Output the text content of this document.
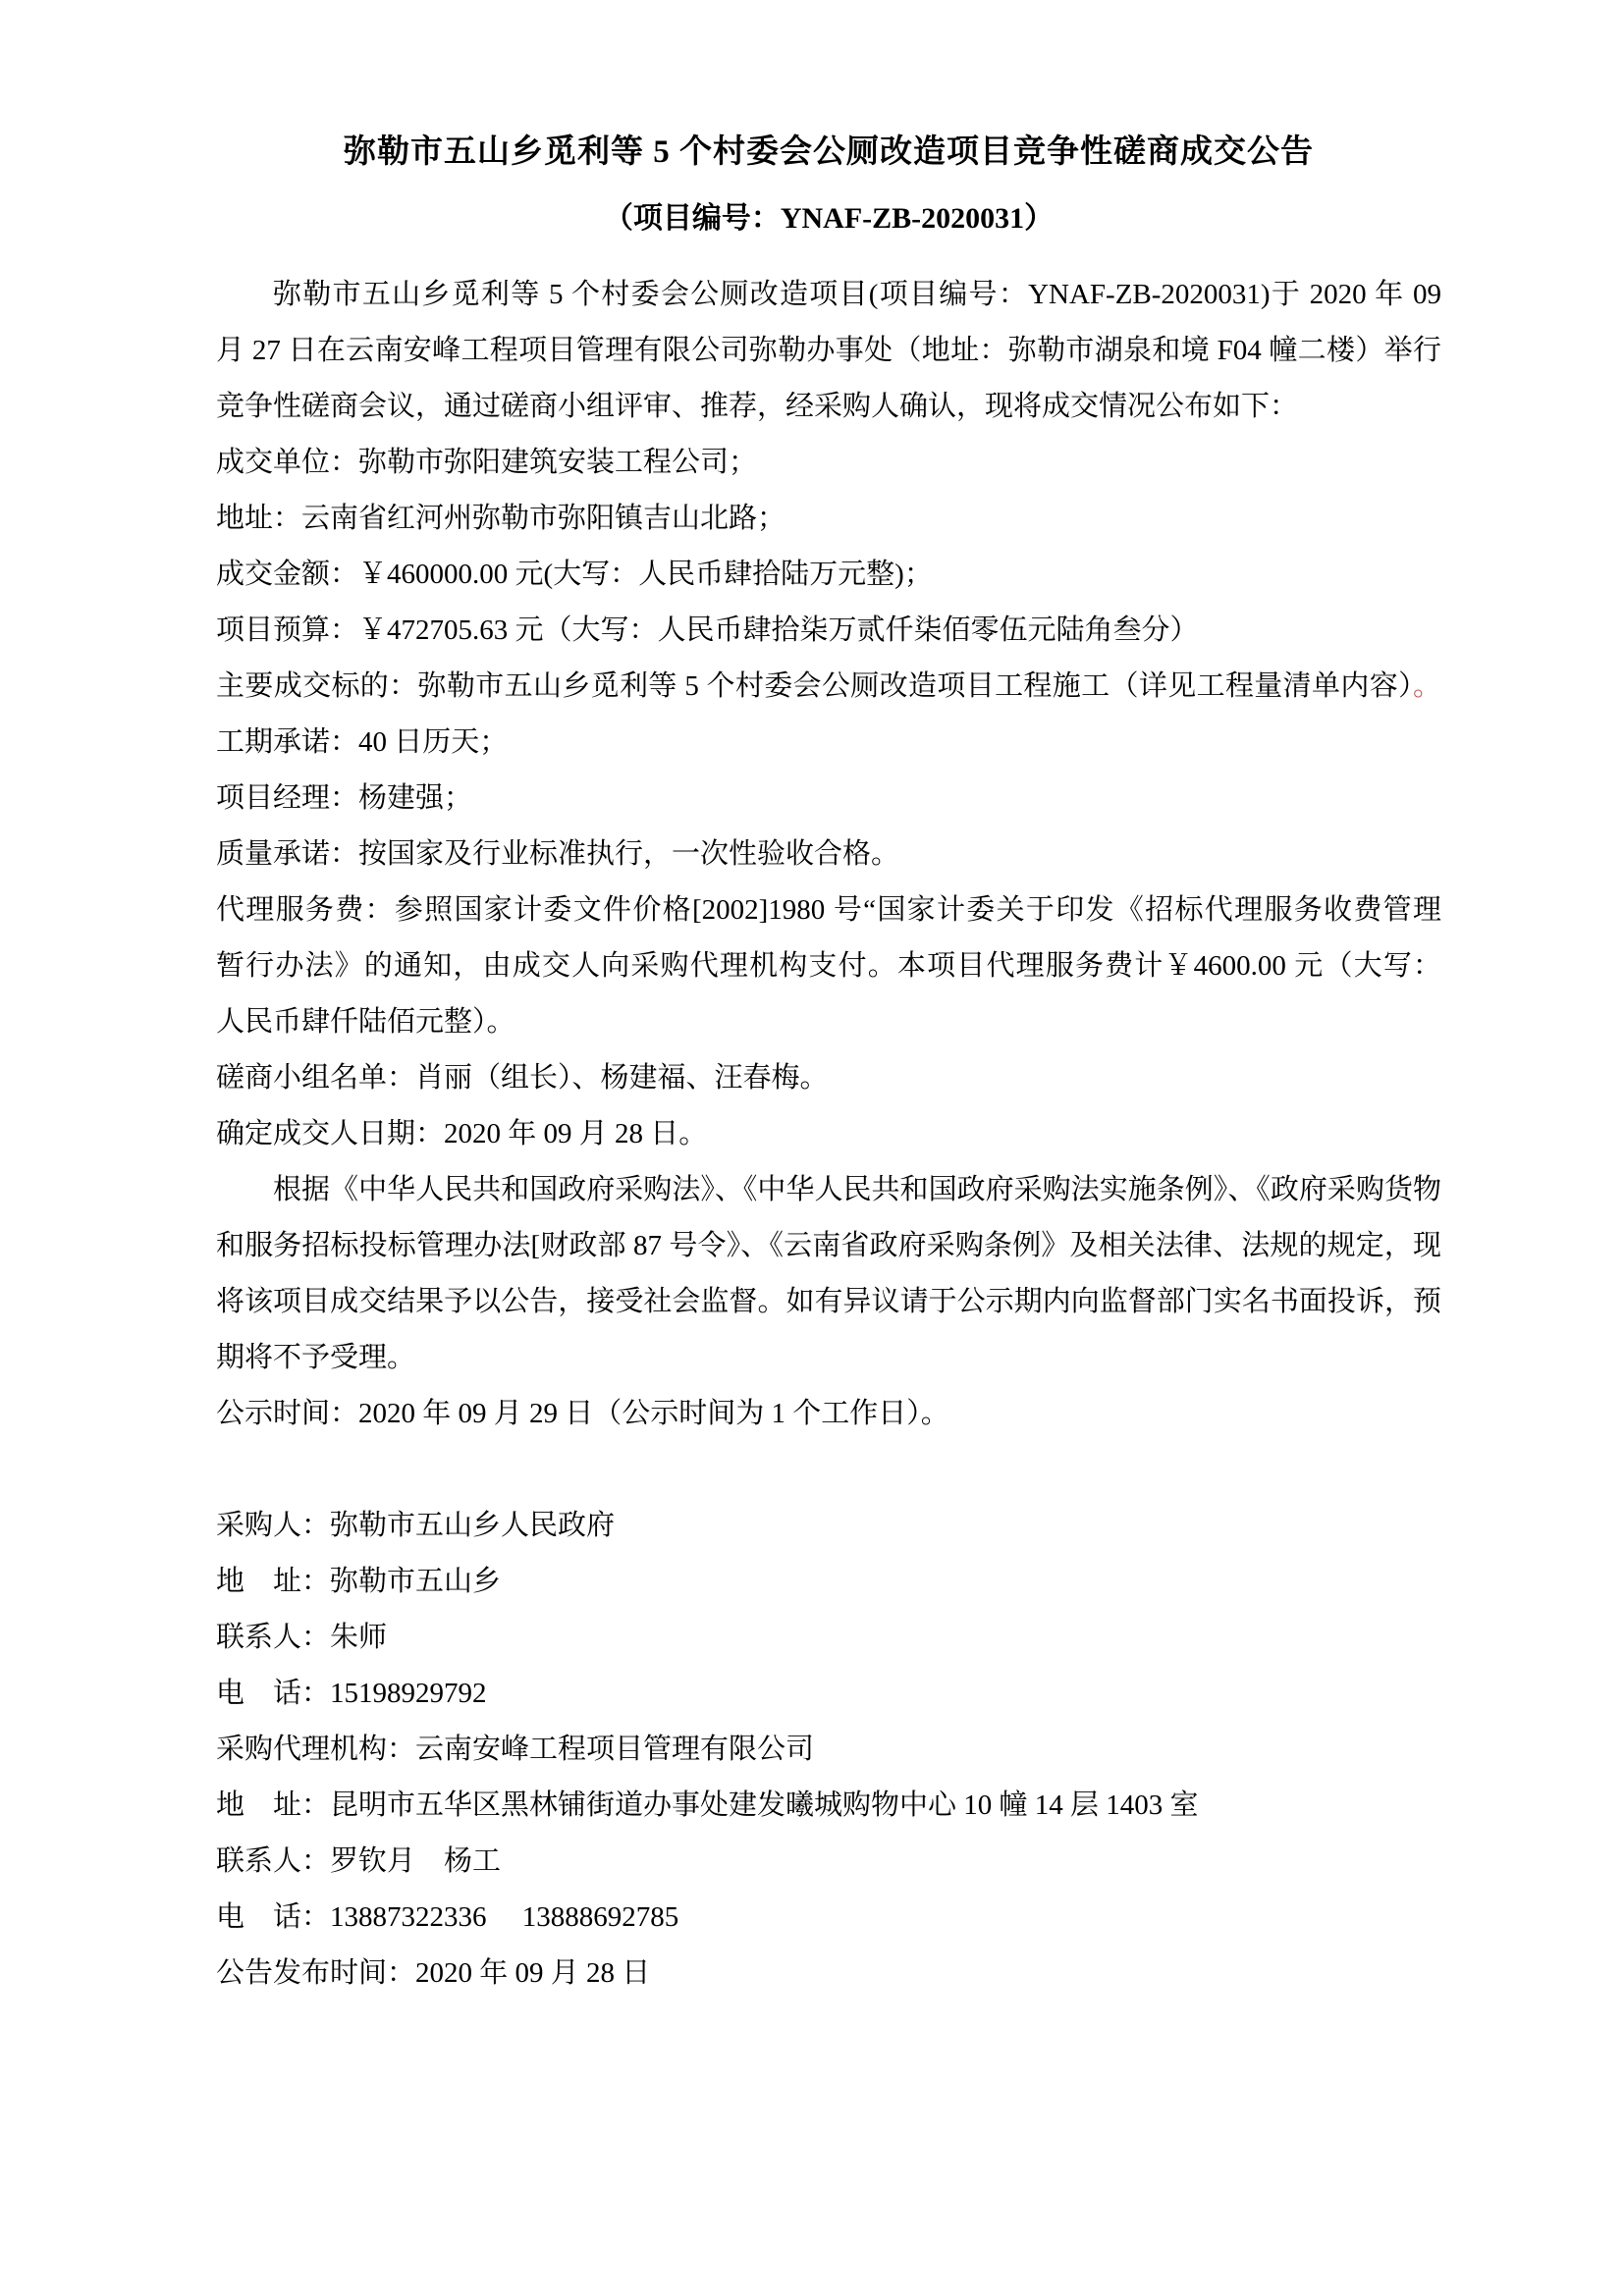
弥勒市五山乡觅利等 5 个村委会公厕改造项目竞争性磋商成交公告
（项目编号：YNAF-ZB-2020031）
弥勒市五山乡觅利等 5 个村委会公厕改造项目(项目编号：YNAF-ZB-2020031)于 2020 年 09
月 27 日在云南安峰工程项目管理有限公司弥勒办事处（地址：弥勒市湖泉和境 F04 幢二楼）举行
竞争性磋商会议，通过磋商小组评审、推荐，经采购人确认，现将成交情况公布如下：
成交单位：弥勒市弥阳建筑安装工程公司；
地址：云南省红河州弥勒市弥阳镇吉山北路；
成交金额：￥460000.00 元(大写：人民币肆拾陆万元整)；
项目预算：￥472705.63 元（大写：人民币肆拾柒万贰仟柒佰零伍元陆角叁分）
主要成交标的：弥勒市五山乡觅利等 5 个村委会公厕改造项目工程施工（详见工程量清单内容）。
工期承诺：40 日历天；
项目经理：杨建强；
质量承诺：按国家及行业标准执行，一次性验收合格。
代理服务费：参照国家计委文件价格[2002]1980 号“国家计委关于印发《招标代理服务收费管理
暂行办法》的通知，由成交人向采购代理机构支付。本项目代理服务费计￥4600.00 元（大写：
人民币肆仟陆佰元整）。
磋商小组名单：肖丽（组长）、杨建福、汪春梅。
确定成交人日期：2020 年 09 月 28 日。
根据《中华人民共和国政府采购法》、《中华人民共和国政府采购法实施条例》、《政府采购货物
和服务招标投标管理办法[财政部 87 号令》、《云南省政府采购条例》及相关法律、法规的规定，现
将该项目成交结果予以公告，接受社会监督。如有异议请于公示期内向监督部门实名书面投诉，预
期将不予受理。
公示时间：2020 年 09 月 29 日（公示时间为 1 个工作日）。
采购人：弥勒市五山乡人民政府
地　址：弥勒市五山乡
联系人：朱师
电　话：15198929792
采购代理机构：云南安峰工程项目管理有限公司
地　址：昆明市五华区黑林铺街道办事处建发曦城购物中心 10 幢 14 层 1403 室
联系人：罗钦月　杨工
电　话：13887322336　 13888692785
公告发布时间：2020 年 09 月 28 日
